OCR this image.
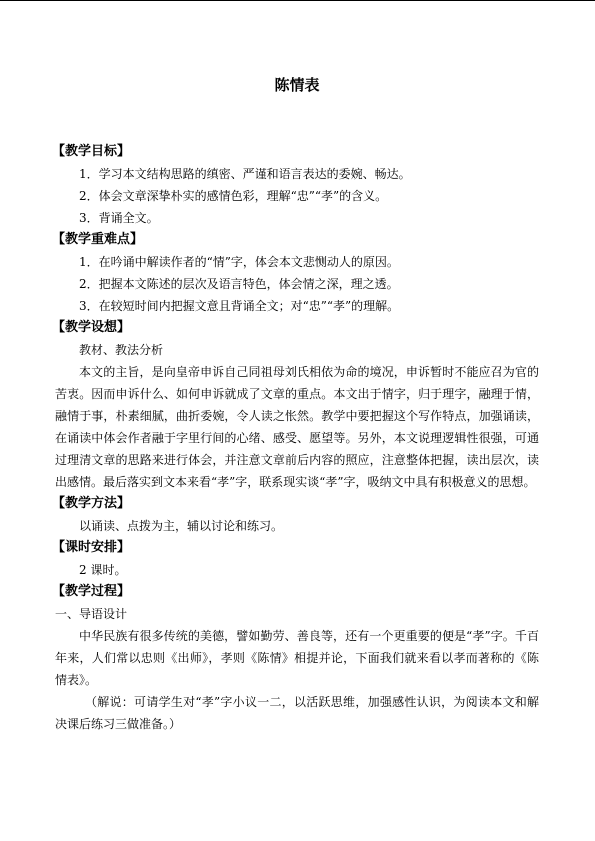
陈情表
【教学目标】
1．学习本文结构思路的缜密、严谨和语言表达的委婉、畅达。
2．体会文章深挚朴实的感情色彩，理解“忠”“孝”的含义。
3．背诵全文。
【教学重难点】
1．在吟诵中解读作者的“情”字，体会本文悲恻动人的原因。
2．把握本文陈述的层次及语言特色，体会情之深，理之透。
3．在较短时间内把握文意且背诵全文；对“忠”“孝”的理解。
【教学设想】
教材、教法分析
本文的主旨，是向皇帝申诉自己同祖母刘氏相依为命的境况，申诉暂时不能应召为官的苦衷。因而申诉什么、如何申诉就成了文章的重点。本文出于情字，归于理字，融理于情，融情于事，朴素细腻，曲折委婉，令人读之怅然。教学中要把握这个写作特点，加强诵读，在诵读中体会作者融于字里行间的心绪、感受、愿望等。另外，本文说理逻辑性很强，可通过理清文章的思路来进行体会，并注意文章前后内容的照应，注意整体把握，读出层次，读出感情。最后落实到文本来看“孝”字，联系现实谈“孝”字，吸纳文中具有积极意义的思想。
【教学方法】
以诵读、点拨为主，辅以讨论和练习。
【课时安排】
2 课时。
【教学过程】
一、导语设计
中华民族有很多传统的美德，譬如勤劳、善良等，还有一个更重要的便是“孝”字。千百年来，人们常以忠则《出师》，孝则《陈情》相提并论，下面我们就来看以孝而著称的《陈情表》。
（解说：可请学生对“孝”字小议一二，以活跃思维，加强感性认识，为阅读本文和解决课后练习三做准备。）
